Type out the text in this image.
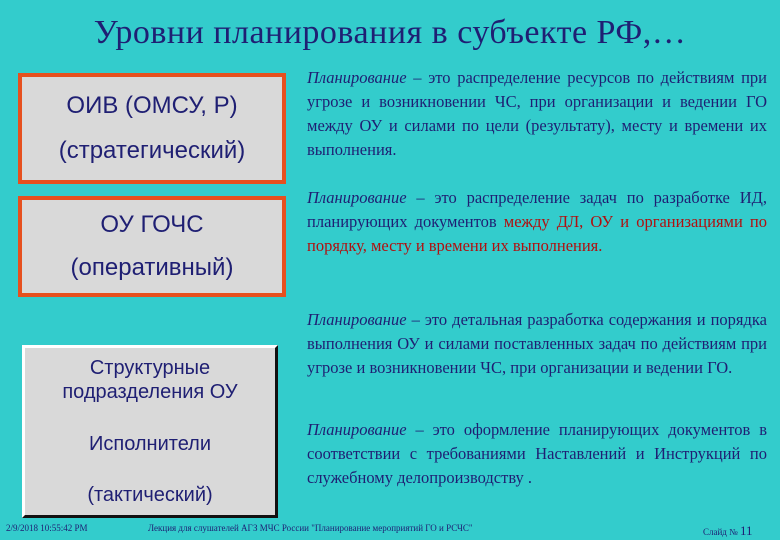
Уровни планирования в субъекте РФ,…
ОИВ (ОМСУ, Р)
(стратегический)
ОУ ГОЧС
(оперативный)
Структурные подразделения ОУ
Исполнители
(тактический)
Планирование – это распределение ресурсов по действиям при угрозе и возникновении ЧС, при организации и ведении ГО между ОУ и силами по цели (результату), месту и времени их выполнения.
Планирование – это распределение задач по разработке ИД, планирующих документов между ДЛ, ОУ и организациями по порядку, месту и времени их выполнения.
Планирование – это детальная разработка содержания и порядка выполнения ОУ и силами поставленных задач по действиям при угрозе и возникновении ЧС, при организации и ведении ГО.
Планирование – это оформление планирующих документов в соответствии с требованиями Наставлений и Инструкций по служебному делопроизводству .
2/9/2018 10:55:42 PM	Лекция для слушателей АГЗ МЧС России "Планирование мероприятий ГО и РСЧС"	Слайд № 11
